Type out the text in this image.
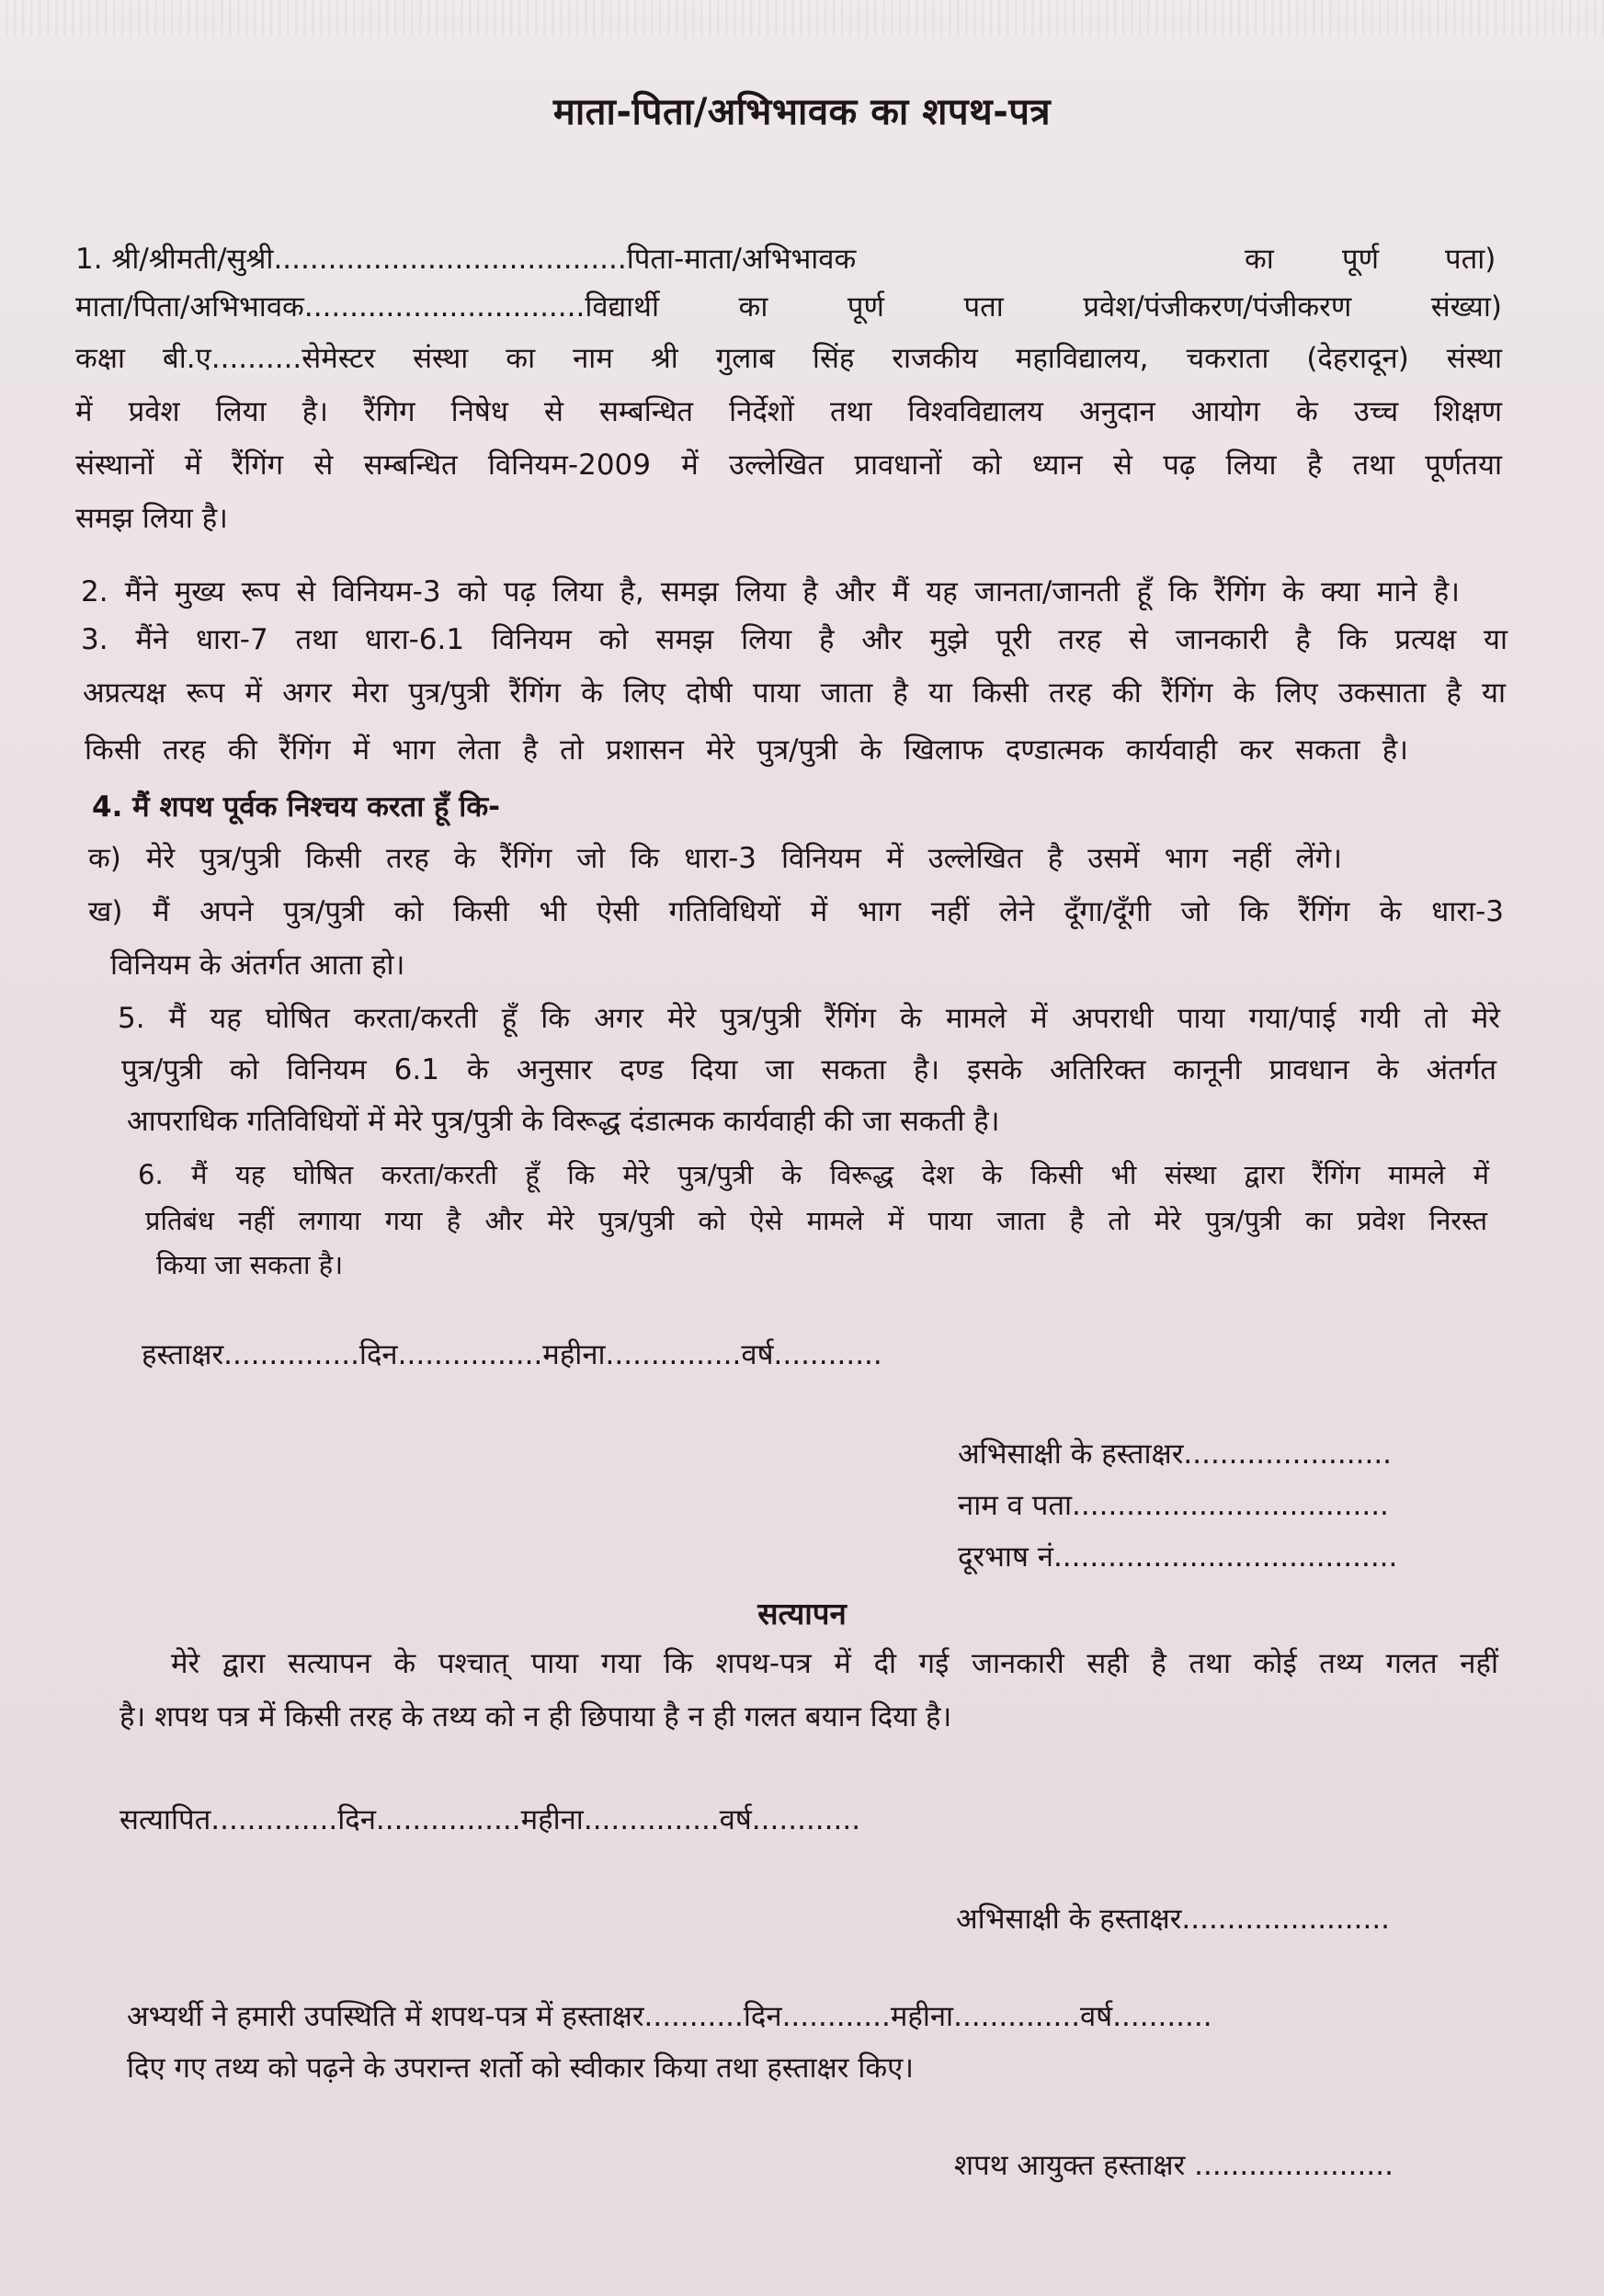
माता-पिता/अभिभावक का शपथ-पत्र
1. श्री/श्रीमती/सुश्री.......................................पिता-माता/अभिभावक	का पूर्ण पता)
माता/पिता/अभिभावक...............................विद्यार्थी का पूर्ण पता प्रवेश/पंजीकरण/पंजीकरण संख्या)
कक्षा बी.ए..........सेमेस्टर संस्था का नाम श्री गुलाब सिंह राजकीय महाविद्यालय, चकराता (देहरादून) संस्था
में प्रवेश लिया है। रैंगिग निषेध से सम्बन्धित निर्देशों तथा विश्वविद्यालय अनुदान आयोग के उच्च शिक्षण
संस्थानों में रैंगिंग से सम्बन्धित विनियम-2009 में उल्लेखित प्रावधानों को ध्यान से पढ़ लिया है तथा पूर्णतया
समझ लिया है।
2. मैंने मुख्य रूप से विनियम-3 को पढ़ लिया है, समझ लिया है और मैं यह जानता/जानती हूँ कि रैंगिंग के क्या माने है।
3. मैंने धारा-7 तथा धारा-6.1 विनियम को समझ लिया है और मुझे पूरी तरह से जानकारी है कि प्रत्यक्ष या
अप्रत्यक्ष रूप में अगर मेरा पुत्र/पुत्री रैंगिंग के लिए दोषी पाया जाता है या किसी तरह की रैंगिंग के लिए उकसाता है या
किसी तरह की रैंगिंग में भाग लेता है तो प्रशासन मेरे पुत्र/पुत्री के खिलाफ दण्डात्मक कार्यवाही कर सकता है।
4. मैं शपथ पूर्वक निश्चय करता हूँ कि-
क) मेरे पुत्र/पुत्री किसी तरह के रैंगिंग जो कि धारा-3 विनियम में उल्लेखित है उसमें भाग नहीं लेंगे।
ख) मैं अपने पुत्र/पुत्री को किसी भी ऐसी गतिविधियों में भाग नहीं लेने दूँगा/दूँगी जो कि रैंगिंग के धारा-3
विनियम के अंतर्गत आता हो।
5. मैं यह घोषित करता/करती हूँ कि अगर मेरे पुत्र/पुत्री रैंगिंग के मामले में अपराधी पाया गया/पाई गयी तो मेरे
पुत्र/पुत्री को विनियम 6.1 के अनुसार दण्ड दिया जा सकता है। इसके अतिरिक्त कानूनी प्रावधान के अंतर्गत
आपराधिक गतिविधियों में मेरे पुत्र/पुत्री के विरूद्ध दंडात्मक कार्यवाही की जा सकती है।
6. मैं यह घोषित करता/करती हूँ कि मेरे पुत्र/पुत्री के विरूद्ध देश के किसी भी संस्था द्वारा रैंगिंग मामले में
प्रतिबंध नहीं लगाया गया है और मेरे पुत्र/पुत्री को ऐसे मामले में पाया जाता है तो मेरे पुत्र/पुत्री का प्रवेश निरस्त
किया जा सकता है।
हस्ताक्षर...............दिन................महीना...............वर्ष............
अभिसाक्षी के हस्ताक्षर.......................
नाम व पता...................................
दूरभाष नं......................................
सत्यापन
मेरे द्वारा सत्यापन के पश्चात् पाया गया कि शपथ-पत्र में दी गई जानकारी सही है तथा कोई तथ्य गलत नहीं
है। शपथ पत्र में किसी तरह के तथ्य को न ही छिपाया है न ही गलत बयान दिया है।
सत्यापित..............दिन................महीना...............वर्ष............
अभिसाक्षी के हस्ताक्षर.......................
अभ्यर्थी ने हमारी उपस्थिति में शपथ-पत्र में हस्ताक्षर...........दिन............महीना..............वर्ष...........
दिए गए तथ्य को पढ़ने के उपरान्त शर्तो को स्वीकार किया तथा हस्ताक्षर किए।
शपथ आयुक्त हस्ताक्षर ......................
